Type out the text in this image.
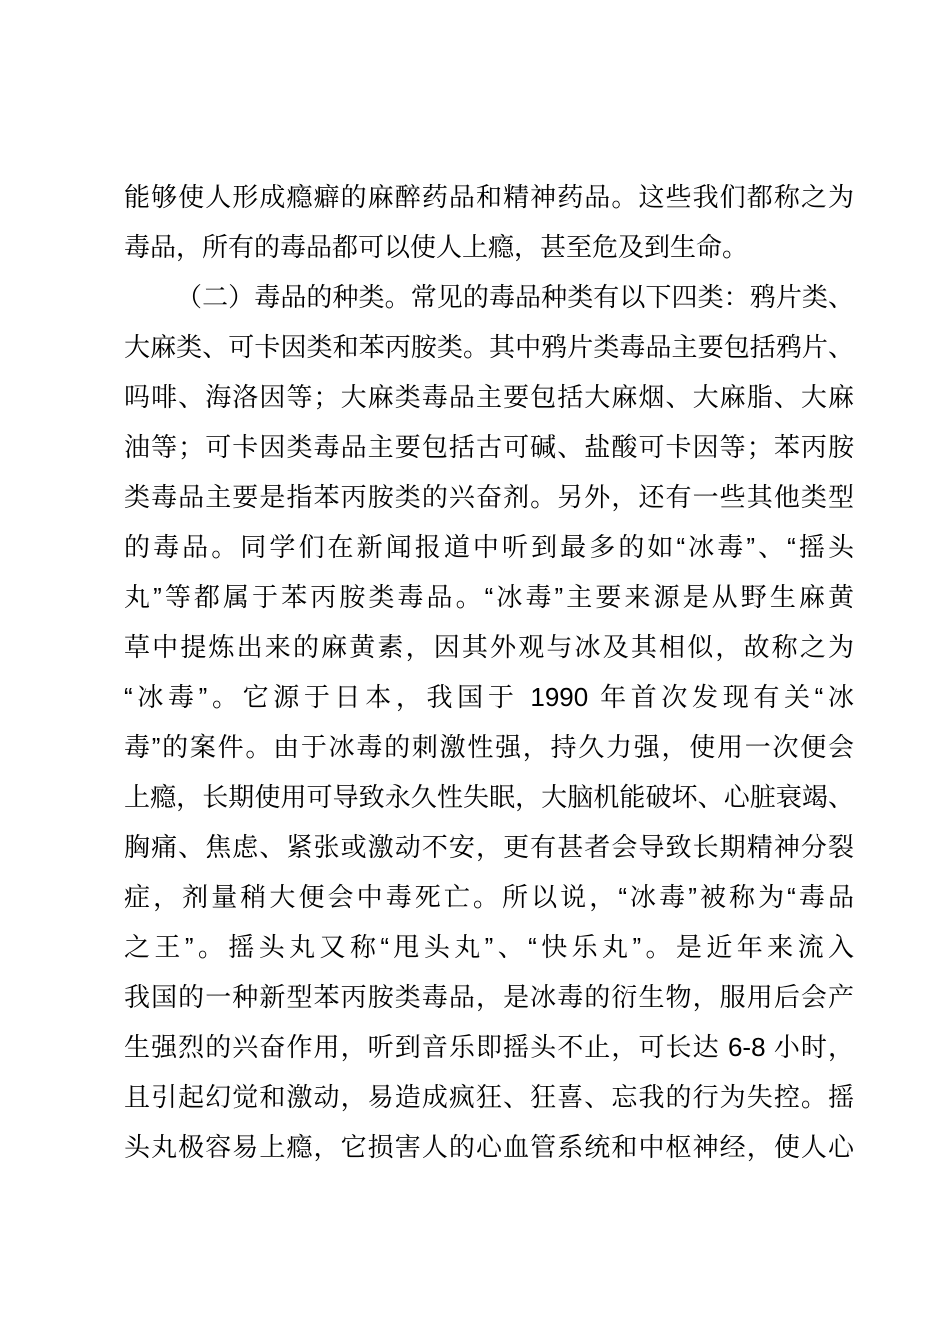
能够使人形成瘾癖的麻醉药品和精神药品。这些我们都称之为

毒品，所有的毒品都可以使人上瘾，甚至危及到生命。

（二）毒品的种类。常见的毒品种类有以下四类：鸦片类、

大麻类、可卡因类和苯丙胺类。其中鸦片类毒品主要包括鸦片、

吗啡、海洛因等；大麻类毒品主要包括大麻烟、大麻脂、大麻

油等；可卡因类毒品主要包括古可碱、盐酸可卡因等；苯丙胺

类毒品主要是指苯丙胺类的兴奋剂。另外，还有一些其他类型

的毒品。同学们在新闻报道中听到最多的如“冰毒”、“摇头

丸”等都属于苯丙胺类毒品。“冰毒”主要来源是从野生麻黄

草中提炼出来的麻黄素，因其外观与冰及其相似，故称之为

“冰毒”。它源于日本，我国于 1990 年首次发现有关“冰

毒”的案件。由于冰毒的刺激性强，持久力强，使用一次便会

上瘾，长期使用可导致永久性失眠，大脑机能破坏、心脏衰竭、

胸痛、焦虑、紧张或激动不安，更有甚者会导致长期精神分裂

症，剂量稍大便会中毒死亡。所以说，“冰毒”被称为“毒品

之王”。摇头丸又称“甩头丸”、“快乐丸”。是近年来流入

我国的一种新型苯丙胺类毒品，是冰毒的衍生物，服用后会产

生强烈的兴奋作用，听到音乐即摇头不止，可长达 6-8 小时，

且引起幻觉和激动，易造成疯狂、狂喜、忘我的行为失控。摇

头丸极容易上瘾，它损害人的心血管系统和中枢神经，使人心
